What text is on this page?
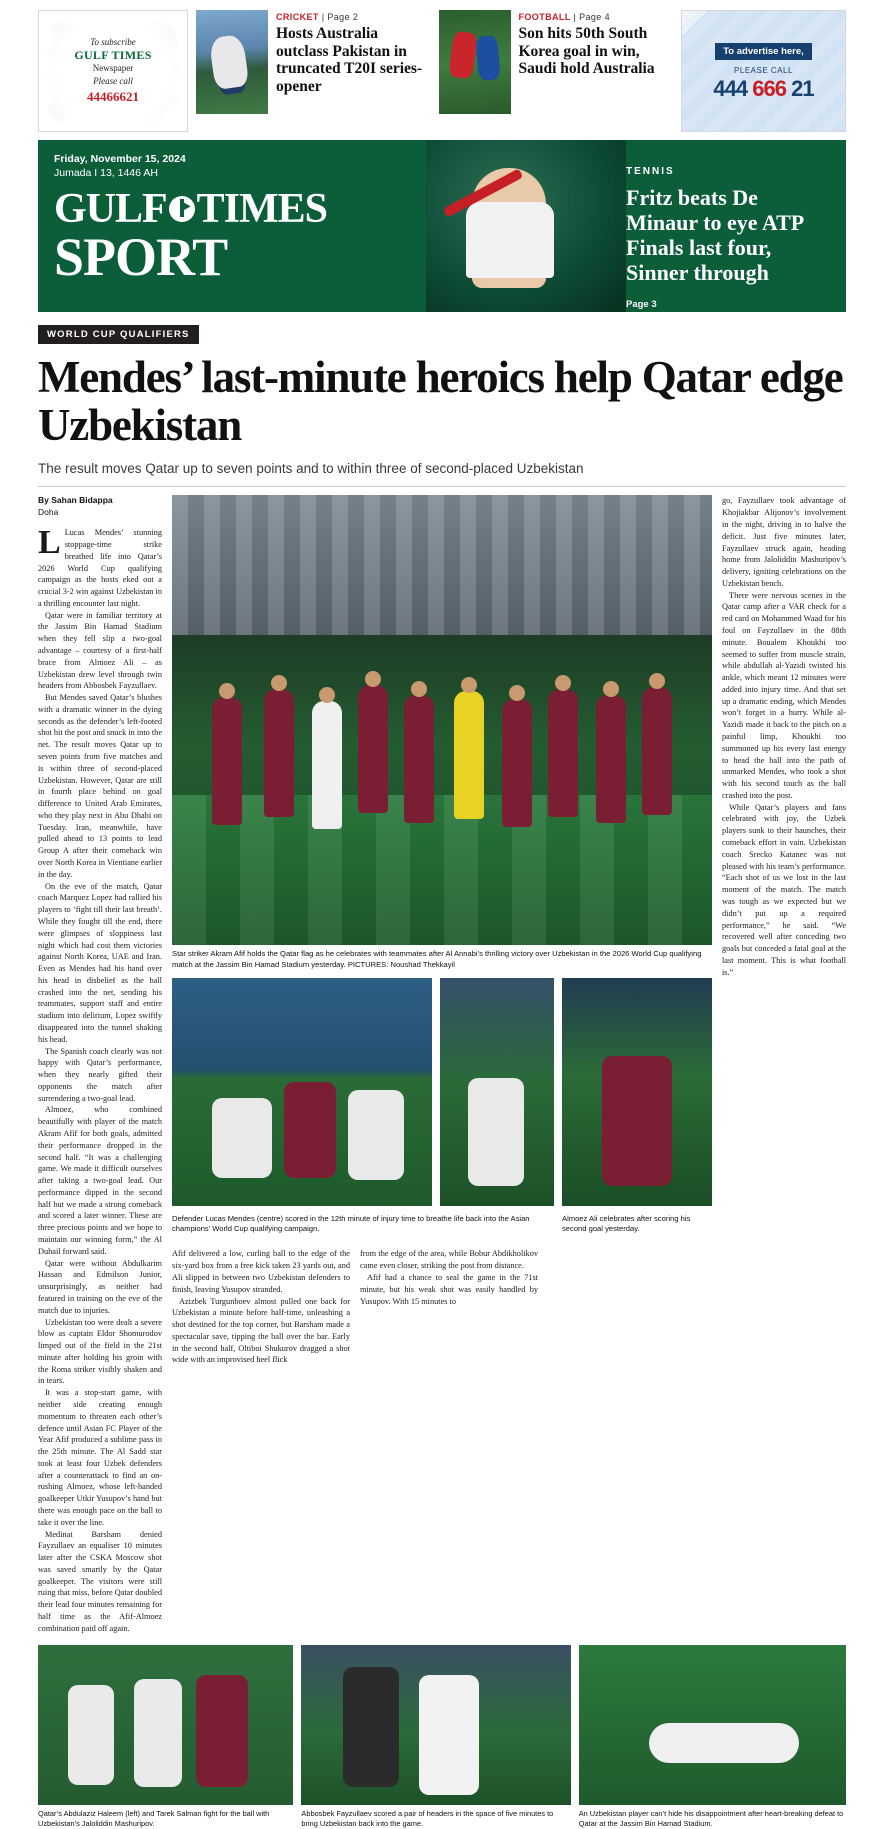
To subscribe
GULF TIMES
Newspaper
Please call
44466621
CRICKET | Page 2
Hosts Australia outclass Pakistan in truncated T20I series-opener
FOOTBALL | Page 4
Son hits 50th South Korea goal in win, Saudi hold Australia
To advertise here,
PLEASE CALL
444 666 21
Friday, November 15, 2024
Jumada I 13, 1446 AH
GULF TIMES
SPORT
TENNIS
Fritz beats De Minaur to eye ATP Finals last four, Sinner through
Page 3
WORLD CUP QUALIFIERS
Mendes’ last-minute heroics help Qatar edge Uzbekistan
The result moves Qatar up to seven points and to within three of second-placed Uzbekistan
By Sahan Bidappa
Doha

L Lucas Mendes’ stunning stoppage-time strike breathed life into Qatar’s 2026 World Cup qualifying campaign as the hosts eked out a crucial 3-2 win against Uzbekistan in a thrilling encounter last night.

Qatar were in familiar territory at the Jassim Bin Hamad Stadium when they fell slip a two-goal advantage – courtesy of a first-half brace from Almoez Ali – as Uzbekistan drew level through twin headers from Abbosbek Fayzullaev.

But Mendes saved Qatar’s blushes with a dramatic winner in the dying seconds as the defender’s left-footed shot hit the post and snuck in into the net. The result moves Qatar up to seven points from five matches and is within three of second-placed Uzbekistan. However, Qatar are still in fourth place behind on goal difference to United Arab Emirates, who they play next in Abu Dhabi on Tuesday. Iran, meanwhile, have pulled ahead to 13 points to lead Group A after their comeback win over North Korea in Vientiane earlier in the day.

On the eve of the match, Qatar coach Marquez Lopez had rallied his players to ‘fight till their last breath’. While they fought till the end, there were glimpses of sloppiness last night which had cost them victories against North Korea, UAE and Iran. Even as Mendes had his hand over his head in disbelief as the ball crashed into the net, sending his teammates, support staff and entire stadium into delirium, Lopez swiftly disappeared into the tunnel shaking his head.

The Spanish coach clearly was not happy with Qatar’s performance, when they nearly gifted their opponents the match after surrendering a two-goal lead.

Almoez, who combined beautifully with player of the match Akram Afif for both goals, admitted their performance dropped in the second half. “It was a challenging game. We made it difficult ourselves after taking a two-goal lead. Our performance dipped in the second half but we made a strong comeback and scored a later winner. These are three precious points and we hope to maintain our winning form,” the Al Duhail forward said.

Qatar were without Abdulkarim Hassan and Edmilson Junior, unsurprisingly, as neither had featured in training on the eve of the match due to injuries.

Uzbekistan too were dealt a severe blow as captain Eldor Shomurodov limped out of the field in the 21st minute after holding his groin with the Roma striker visibly shaken and in tears.

It was a stop-start game, with neither side creating enough momentum to threaten each other’s defence until Asian FC Player of the Year Afif produced a sublime pass in the 25th minute. The Al Sadd star took at least four Uzbek defenders after a counterattack to find an on-rushing Almoez, whose left-handed goalkeeper Utkir Yusupov’s hand but there was enough pace on the ball to take it over the line.

Medinat Barsham denied Fayzullaev an equaliser 10 minutes later after the CSKA Moscow shot was saved smartly by the Qatar goalkeeper. The visitors were still ruing that miss, before Qatar doubled their lead four minutes remaining for half time as the Afif-Almoez combination paid off again.

Star striker Akram Afif holds the Qatar flag as he celebrates with teammates after Al Annabi’s thrilling victory over Uzbekistan in the 2026 World Cup qualifying match at the Jassim Bin Hamad Stadium yesterday. PICTURES: Noushad Thekkayil
Defender Lucas Mendes (centre) scored in the 12th minute of injury time to breathe life back into the Asian champions’ World Cup qualifying campaign.
Almoez Ali celebrates after scoring his second goal yesterday.

Afif delivered a low, curling ball to the edge of the six-yard box from a free kick taken 23 yards out, and Ali slipped in between two Uzbekistan defenders to finish, leaving Yusupov stranded.

Azizbek Turgunboev almost pulled one back for Uzbekistan a minute before half-time, unleashing a shot destined for the top corner, but Barsham made a spectacular save, tipping the ball over the bar. Early in the second half, Oltiboi Shukurov dragged a shot wide with an improvised heel flick

from the edge of the area, while Bobur Abdikholikov came even closer, striking the post from distance.

Afif had a chance to seal the game in the 71st minute, but his weak shot was easily handled by Yusupov. With 15 minutes to

go, Fayzullaev took advantage of Khojiakbar Alijonov’s involvement in the night, driving in to halve the deficit. Just five minutes later, Fayzullaev struck again, heading home from Jaloliddin Mashuripov’s delivery, igniting celebrations on the Uzbekistan bench.

There were nervous scenes in the Qatar camp after a VAR check for a red card on Mohammed Waad for his foul on Fayzullaev in the 88th minute. Boualem Khoukhi too seemed to suffer from muscle strain, while abdullah al-Yazidi twisted his ankle, which meant 12 minutes were added into injury time. And that set up a dramatic ending, which Mendes won’t forget in a hurry. While al-Yazidi made it back to the pitch on a painful limp, Khoukhi too summoned up his every last energy to head the ball into the path of unmarked Mendes, who took a shot with his second touch as the ball crashed into the post.

While Qatar’s players and fans celebrated with joy, the Uzbek players sunk to their haunches, their comeback effort in vain. Uzbekistan coach Srecko Katanec was not pleased with his team’s performance. “Each shot of us we lost in the last moment of the match. The match was tough as we expected but we didn’t put up a required performance,” he said. “We recovered well after conceding two goals but conceded a fatal goal at the last moment. This is what football is.”

Qatar’s Abdulaziz Haleem (left) and Tarek Salman fight for the ball with Uzbekistan’s Jaloliddin Mashuripov.
Abbosbek Fayzullaev scored a pair of headers in the space of five minutes to bring Uzbekistan back into the game.
An Uzbekistan player can’t hide his disappointment after heart-breaking defeat to Qatar at the Jassim Bin Hamad Stadium.
